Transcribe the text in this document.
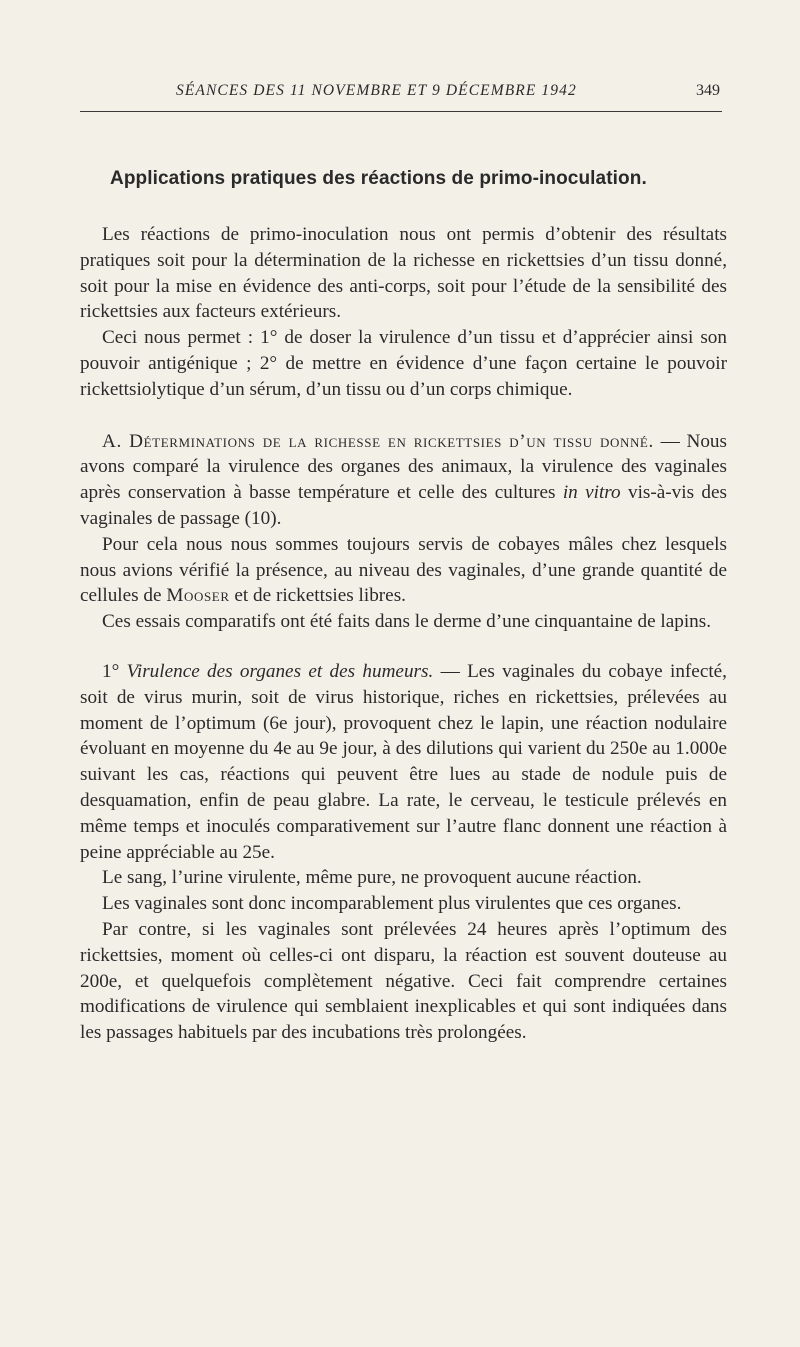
SÉANCES DES 11 NOVEMBRE ET 9 DÉCEMBRE 1942	349
Applications pratiques des réactions de primo-inoculation.

Les réactions de primo-inoculation nous ont permis d’obtenir des résultats pratiques soit pour la détermination de la richesse en rickettsies d’un tissu donné, soit pour la mise en évidence des anti-corps, soit pour l’étude de la sensibilité des rickettsies aux facteurs extérieurs.

Ceci nous permet : 1° de doser la virulence d’un tissu et d’apprécier ainsi son pouvoir antigénique ; 2° de mettre en évidence d’une façon certaine le pouvoir rickettsiolytique d’un sérum, d’un tissu ou d’un corps chimique.

A. Déterminations de la richesse en rickettsies d’un tissu donné. — Nous avons comparé la virulence des organes des animaux, la virulence des vaginales après conservation à basse température et celle des cultures in vitro vis-à-vis des vaginales de passage (10).

Pour cela nous nous sommes toujours servis de cobayes mâles chez lesquels nous avions vérifié la présence, au niveau des vaginales, d’une grande quantité de cellules de Mooser et de rickettsies libres.

Ces essais comparatifs ont été faits dans le derme d’une cinquantaine de lapins.

1° Virulence des organes et des humeurs. — Les vaginales du cobaye infecté, soit de virus murin, soit de virus historique, riches en rickettsies, prélevées au moment de l’optimum (6e jour), provoquent chez le lapin, une réaction nodulaire évoluant en moyenne du 4e au 9e jour, à des dilutions qui varient du 250e au 1.000e suivant les cas, réactions qui peuvent être lues au stade de nodule puis de desquamation, enfin de peau glabre. La rate, le cerveau, le testicule prélevés en même temps et inoculés comparativement sur l’autre flanc donnent une réaction à peine appréciable au 25e.

Le sang, l’urine virulente, même pure, ne provoquent aucune réaction.

Les vaginales sont donc incomparablement plus virulentes que ces organes.

Par contre, si les vaginales sont prélevées 24 heures après l’optimum des rickettsies, moment où celles-ci ont disparu, la réaction est souvent douteuse au 200e, et quelquefois complètement négative. Ceci fait comprendre certaines modifications de virulence qui semblaient inexplicables et qui sont indiquées dans les passages habituels par des incubations très prolongées.
